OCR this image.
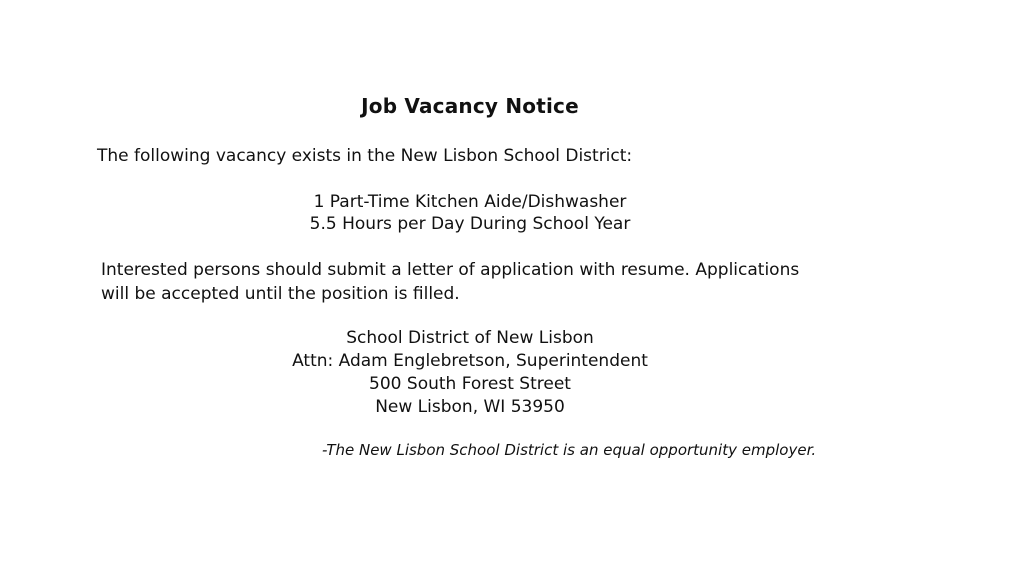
Job Vacancy Notice
The following vacancy exists in the New Lisbon School District:
1 Part-Time Kitchen Aide/Dishwasher
5.5 Hours per Day During School Year
Interested persons should submit a letter of application with resume. Applications
will be accepted until the position is filled.
School District of New Lisbon
Attn: Adam Englebretson, Superintendent
500 South Forest Street
New Lisbon, WI 53950
-The New Lisbon School District is an equal opportunity employer.
